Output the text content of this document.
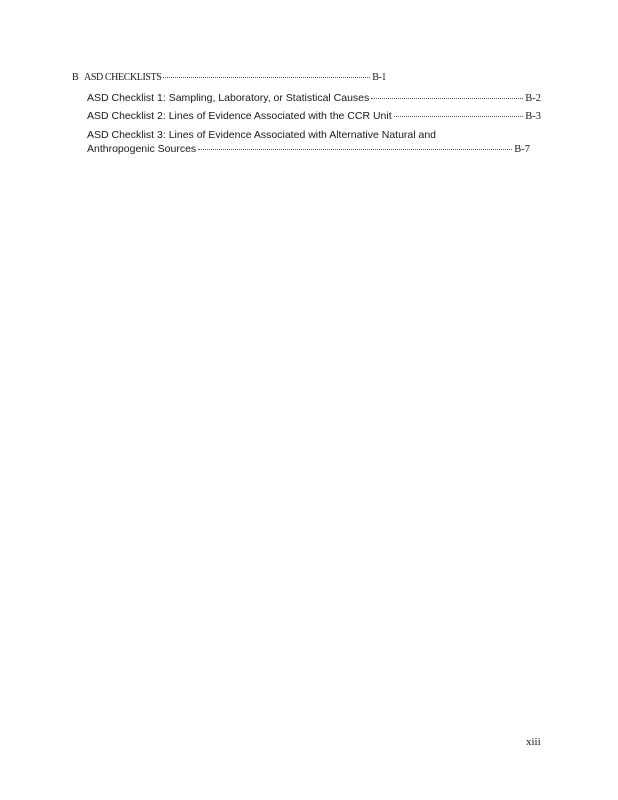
B ASD CHECKLISTS	B-1
ASD Checklist 1: Sampling, Laboratory, or Statistical Causes	B-2
ASD Checklist 2: Lines of Evidence Associated with the CCR Unit	B-3
ASD Checklist 3: Lines of Evidence Associated with Alternative Natural and
Anthropogenic Sources	B-7
xiii
